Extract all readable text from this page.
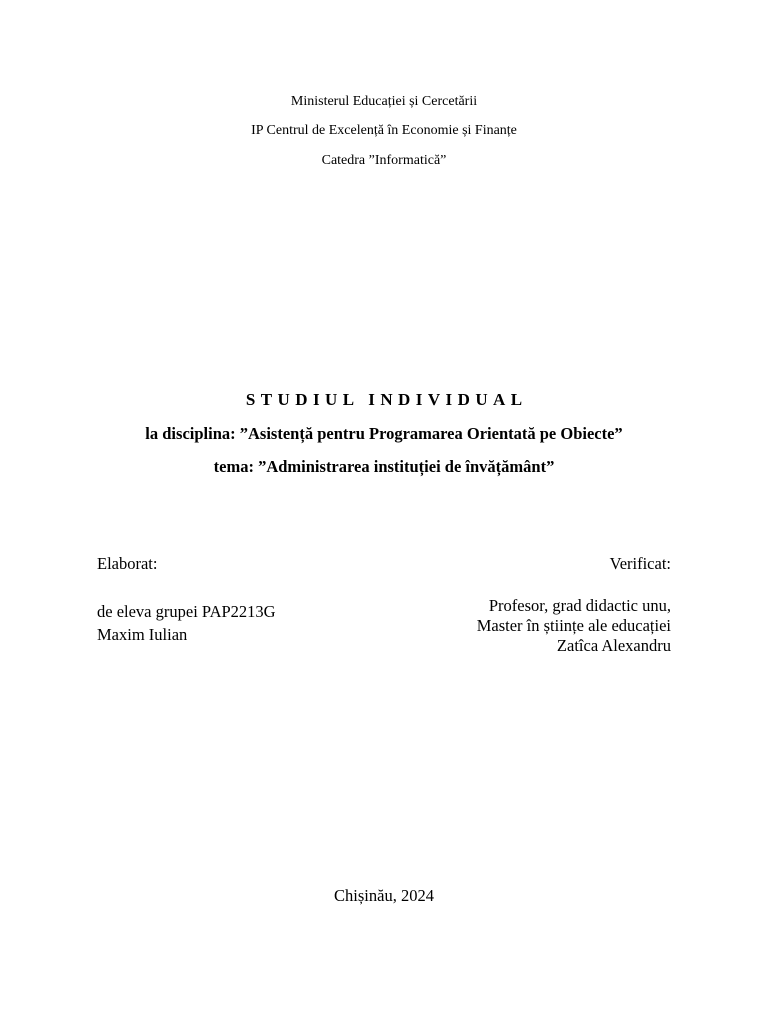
Ministerul Educației și Cercetării
IP Centrul de Excelență în Economie și Finanțe
Catedra ”Informatică”
STUDIUL INDIVIDUAL
la disciplina: ”Asistență pentru Programarea Orientată pe Obiecte”
tema: ”Administrarea instituției de învățământ”
Elaborat:
de eleva grupei PAP2213G
Maxim Iulian
Verificat:
Profesor, grad didactic unu,
Master în științe ale educației
Zatîca Alexandru
Chișinău, 2024
